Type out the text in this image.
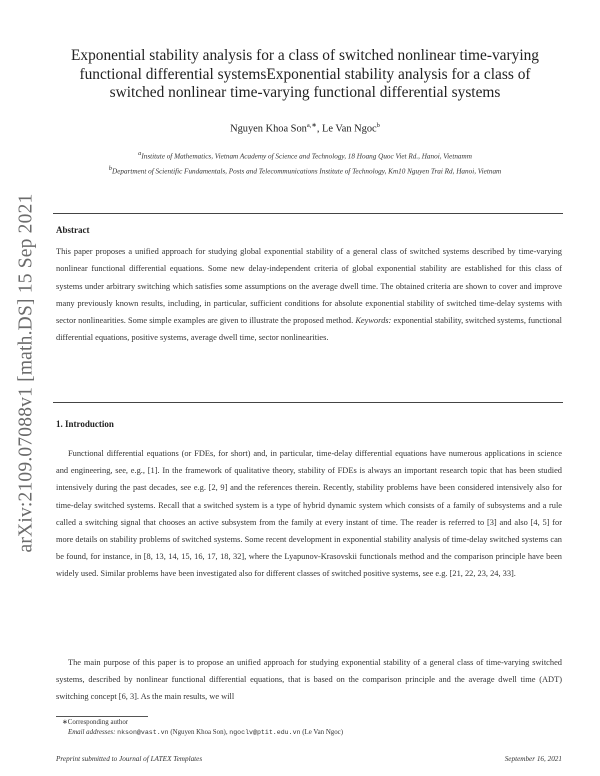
arXiv:2109.07088v1 [math.DS] 15 Sep 2021
Exponential stability analysis for a class of switched nonlinear time-varying functional differential systemsExponential stability analysis for a class of switched nonlinear time-varying functional differential systems
Nguyen Khoa Son$^{a,∗}$, Le Van Ngoc$^b$
$^a$Institute of Mathematics, Vietnam Academy of Science and Technology, 18 Hoang Quoc Viet Rd., Hanoi, Vietnamm
$^b$Department of Scientific Fundamentals, Posts and Telecommunications Institute of Technology, Km10 Nguyen Trai Rd, Hanoi, Vietnam
Abstract
This paper proposes a unified approach for studying global exponential stability of a general class of switched systems described by time-varying nonlinear functional differential equations. Some new delay-independent criteria of global exponential stability are established for this class of systems under arbitrary switching which satisfies some assumptions on the average dwell time. The obtained criteria are shown to cover and improve many previously known results, including, in particular, sufficient conditions for absolute exponential stability of switched time-delay systems with sector nonlinearities. Some simple examples are given to illustrate the proposed method. Keywords: exponential stability, switched systems, functional differential equations, positive systems, average dwell time, sector nonlinearities.
1. Introduction
Functional differential equations (or FDEs, for short) and, in particular, time-delay differential equations have numerous applications in science and engineering, see, e.g., [1]. In the framework of qualitative theory, stability of FDEs is always an important research topic that has been studied intensively during the past decades, see e.g. [2, 9] and the references therein. Recently, stability problems have been considered intensively also for time-delay switched systems. Recall that a switched system is a type of hybrid dynamic system which consists of a family of subsystems and a rule called a switching signal that chooses an active subsystem from the family at every instant of time. The reader is referred to [3] and also [4, 5] for more details on stability problems of switched systems. Some recent development in exponential stability analysis of time-delay switched systems can be found, for instance, in [8, 13, 14, 15, 16, 17, 18, 32], where the Lyapunov-Krasovskii functionals method and the comparison principle have been widely used. Similar problems have been investigated also for different classes of switched positive systems, see e.g. [21, 22, 23, 24, 33].
The main purpose of this paper is to propose an unified approach for studying exponential stability of a general class of time-varying switched systems, described by nonlinear functional differential equations, that is based on the comparison principle and the average dwell time (ADT) switching concept [6, 3]. As the main results, we will
∗Corresponding author
Email addresses: nkson@vast.vn (Nguyen Khoa Son), ngoclv@ptit.edu.vn (Le Van Ngoc)
Preprint submitted to Journal of LATEX Templates	September 16, 2021
